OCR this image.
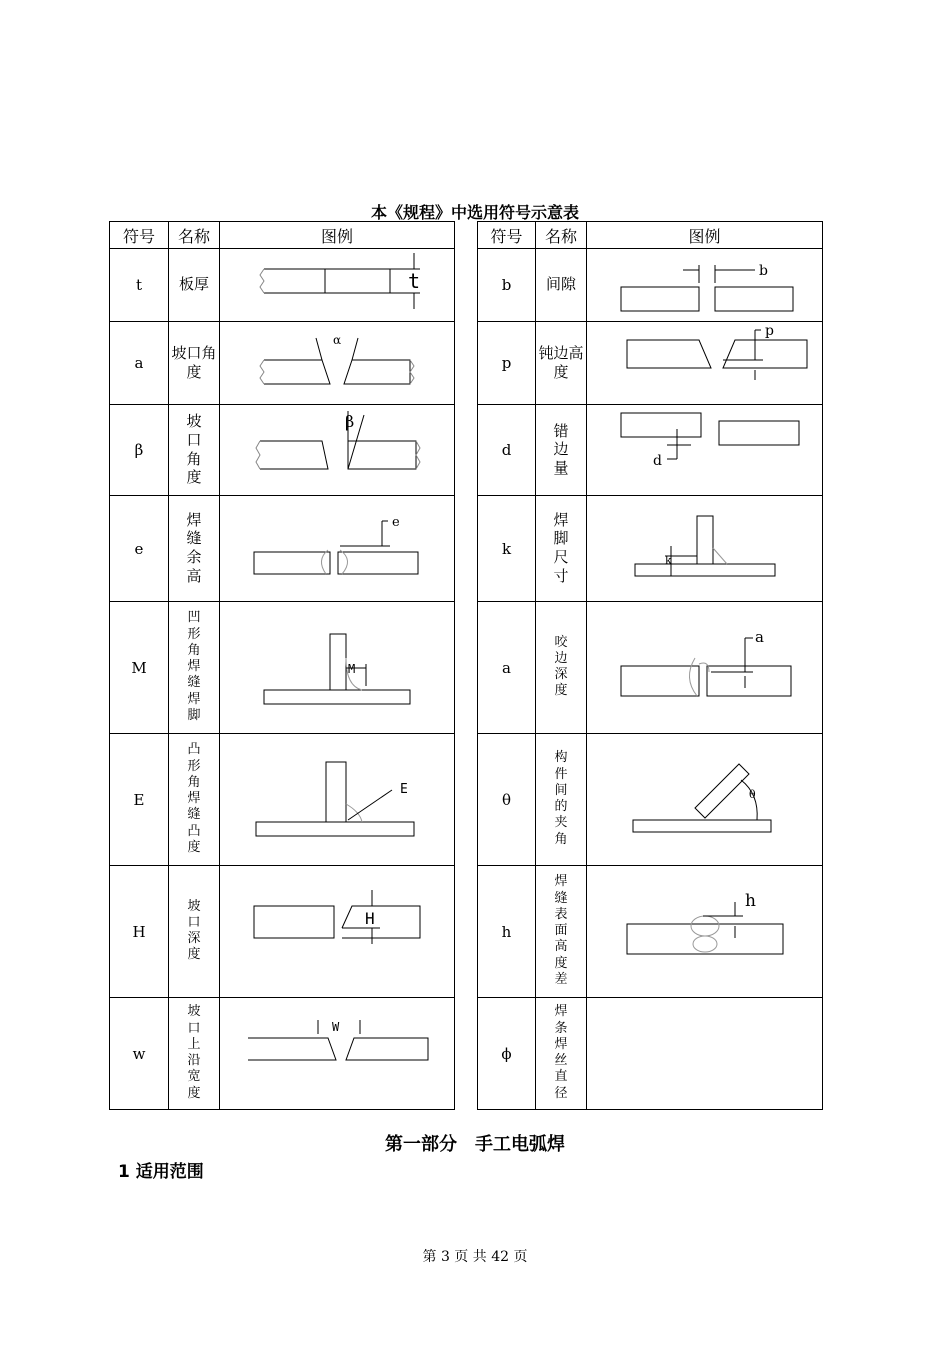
本《规程》中选用符号示意表
符号	名称	图例
t	板厚	t

a	坡口角度	α

β	坡口角度	β

e	焊缝余高	e

M	凹形角焊缝焊脚	M

E	凸形角焊缝凸度	E

H	坡口深度	H

w	坡口上沿宽度	W
符号	名称	图例
b	间隙	b

p	钝边高度	p

d	错边量	d

k	焊脚尺寸	k

a	咬边深度	a

θ	构件间的夹角	θ

h	焊缝表面高度差	h

ϕ	焊条焊丝直径	
第一部分　手工电弧焊
1 适用范围
第 3 页 共 42 页
